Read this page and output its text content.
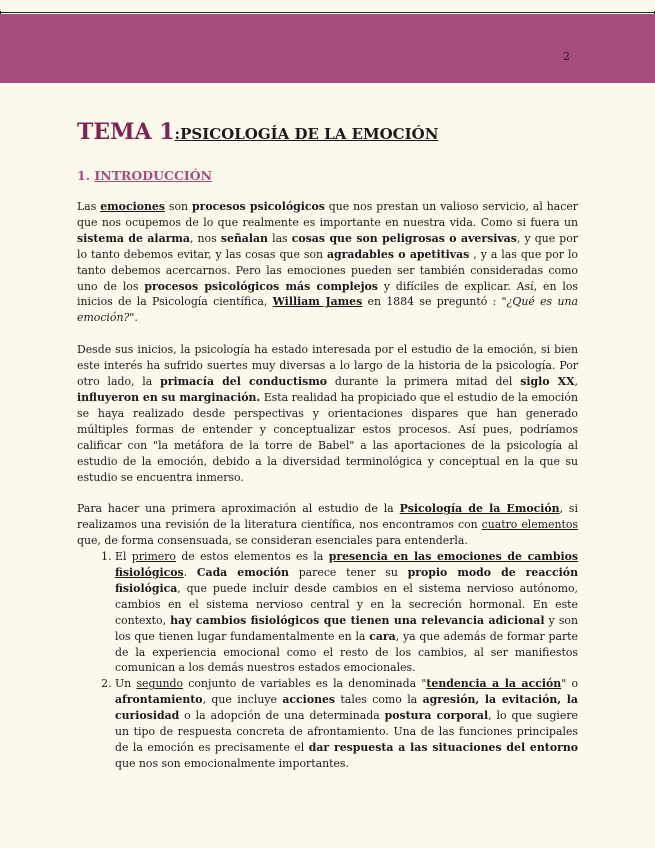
2
TEMA 1:PSICOLOGÍA DE LA EMOCIÓN
1. INTRODUCCIÓN

Las emociones son procesos psicológicos que nos prestan un valioso servicio, al hacer que nos ocupemos de lo que realmente es importante en nuestra vida. Como si fuera un sistema de alarma, nos señalan las cosas que son peligrosas o aversivas, y que por lo tanto debemos evitar, y las cosas que son agradables o apetitivas , y a las que por lo tanto debemos acercarnos. Pero las emociones pueden ser también consideradas como uno de los procesos psicológicos más complejos y difíciles de explicar. Así, en los inicios de la Psicología científica, William James en 1884 se preguntó : "¿Qué es una emoción?".

Desde sus inicios, la psicología ha estado interesada por el estudio de la emoción, si bien este interés ha sufrido suertes muy diversas a lo largo de la historia de la psicología. Por otro lado, la primacía del conductismo durante la primera mitad del siglo XX, influyeron en su marginación. Esta realidad ha propiciado que el estudio de la emoción se haya realizado desde perspectivas y orientaciones dispares que han generado múltiples formas de entender y conceptualizar estos procesos. Así pues, podríamos calificar con "la metáfora de la torre de Babel" a las aportaciones de la psicología al estudio de la emoción, debido a la diversidad terminológica y conceptual en la que su estudio se encuentra inmerso.

Para hacer una primera aproximación al estudio de la Psicología de la Emoción, si realizamos una revisión de la literatura científica, nos encontramos con cuatro elementos que, de forma consensuada, se consideran esenciales para entenderla.

1. El primero de estos elementos es la presencia en las emociones de cambios fisiológicos. Cada emoción parece tener su propio modo de reacción fisiológica, que puede incluir desde cambios en el sistema nervioso autónomo, cambios en el sistema nervioso central y en la secreción hormonal. En este contexto, hay cambios fisiológicos que tienen una relevancia adicional y son los que tienen lugar fundamentalmente en la cara, ya que además de formar parte de la experiencia emocional como el resto de los cambios, al ser manifiestos comunican a los demás nuestros estados emocionales.
2. Un segundo conjunto de variables es la denominada "tendencia a la acción" o afrontamiento, que incluye acciones tales como la agresión, la evitación, la curiosidad o la adopción de una determinada postura corporal, lo que sugiere un tipo de respuesta concreta de afrontamiento. Una de las funciones principales de la emoción es precisamente el dar respuesta a las situaciones del entorno que nos son emocionalmente importantes.
